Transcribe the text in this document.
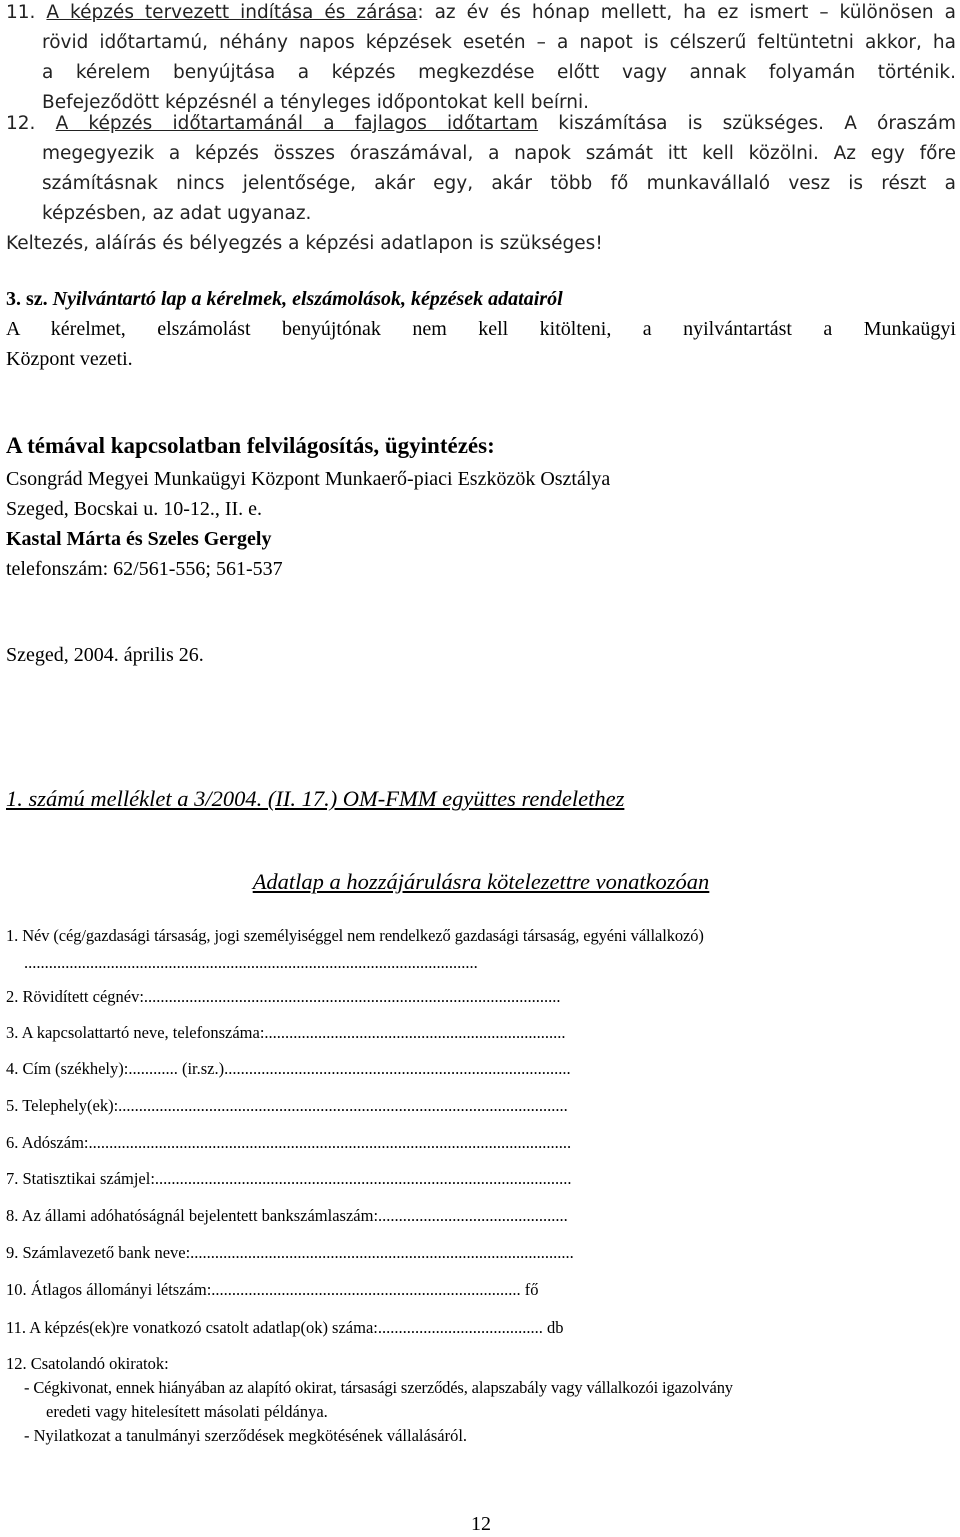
11. A képzés tervezett indítása és zárása: az év és hónap mellett, ha ez ismert – különösen a
rövid időtartamú, néhány napos képzések esetén – a napot is célszerű feltüntetni akkor, ha
a kérelem benyújtása a képzés megkezdése előtt vagy annak folyamán történik.
Befejeződött képzésnél a tényleges időpontokat kell beírni.
12. A képzés időtartamánál a fajlagos időtartam kiszámítása is szükséges. A óraszám
megegyezik a képzés összes óraszámával, a napok számát itt kell közölni. Az egy főre
számításnak nincs jelentősége, akár egy, akár több fő munkavállaló vesz is részt a
képzésben, az adat ugyanaz.
Keltezés, aláírás és bélyegzés a képzési adatlapon is szükséges!
3. sz. Nyilvántartó lap a kérelmek, elszámolások, képzések adatairól
A kérelmet, elszámolást benyújtónak nem kell kitölteni, a nyilvántartást a Munkaügyi
Központ vezeti.
A témával kapcsolatban felvilágosítás, ügyintézés:
Csongrád Megyei Munkaügyi Központ Munkaerő-piaci Eszközök Osztálya
Szeged, Bocskai u. 10-12., II. e.
Kastal Márta és Szeles Gergely
telefonszám: 62/561-556; 561-537
Szeged, 2004. április 26.
1. számú melléklet a 3/2004. (II. 17.) OM-FMM együttes rendelethez
Adatlap a hozzájárulásra kötelezettre vonatkozóan
1. Név (cég/gazdasági társaság, jogi személyiséggel nem rendelkező gazdasági társaság, egyéni vállalkozó)
..............................................................................................................
2. Rövidített cégnév:.....................................................................................................
3. A kapcsolattartó neve, telefonszáma:.........................................................................
4. Cím (székhely):............ (ir.sz.)....................................................................................
5. Telephely(ek):.............................................................................................................
6. Adószám:.....................................................................................................................
7. Statisztikai számjel:.....................................................................................................
8. Az állami adóhatóságnál bejelentett bankszámlaszám:..............................................
9. Számlavezető bank neve:.............................................................................................
10. Átlagos állományi létszám:........................................................................... fő
11. A képzés(ek)re vonatkozó csatolt adatlap(ok) száma:........................................ db
12. Csatolandó okiratok:
- Cégkivonat, ennek hiányában az alapító okirat, társasági szerződés, alapszabály vagy vállalkozói igazolvány
eredeti vagy hitelesített másolati példánya.
- Nyilatkozat a tanulmányi szerződések megkötésének vállalásáról.
12
